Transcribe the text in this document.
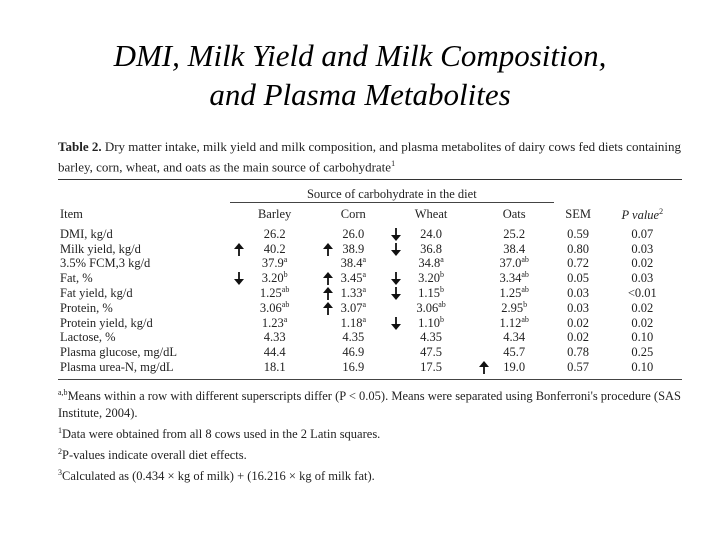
DMI, Milk Yield and Milk Composition,
and Plasma Metabolites
Table 2. Dry matter intake, milk yield and milk composition, and plasma metabolites of dairy cows fed diets containing barley, corn, wheat, and oats as the main source of carbohydrate$^1$
	Source of carbohydrate in the diet					

Item	Barley	Corn	Wheat	Oats	SEM	P value$^2$
DMI, kg/d	26.2	26.0	24.0	25.2	0.59	0.07
Milk yield, kg/d	40.2	38.9	36.8	38.4	0.80	0.03
3.5% FCM,3 kg/d	37.9$^a$	38.4$^a$	34.8$^a$	37.0$^{ab}$	0.72	0.02
Fat, %	3.20$^b$	3.45$^a$	3.20$^b$	3.34$^{ab}$	0.05	0.03
Fat yield, kg/d	1.25$^{ab}$	1.33$^a$	1.15$^b$	1.25$^{ab}$	0.03	<0.01
Protein, %	3.06$^{ab}$	3.07$^a$	3.06$^{ab}$	2.95$^b$	0.03	0.02
Protein yield, kg/d	1.23$^a$	1.18$^a$	1.10$^b$	1.12$^{ab}$	0.02	0.02
Lactose, %	4.33	4.35	4.35	4.34	0.02	0.10
Plasma glucose, mg/dL	44.4	46.9	47.5	45.7	0.78	0.25
Plasma urea-N, mg/dL	18.1	16.9	17.5	19.0	0.57	0.10
$^{a,b}$Means within a row with different superscripts differ (P < 0.05). Means were separated using Bonferroni's procedure (SAS Institute, 2004).
$^1$Data were obtained from all 8 cows used in the 2 Latin squares.
$^2$P-values indicate overall diet effects.
$^3$Calculated as (0.434 × kg of milk) + (16.216 × kg of milk fat).
